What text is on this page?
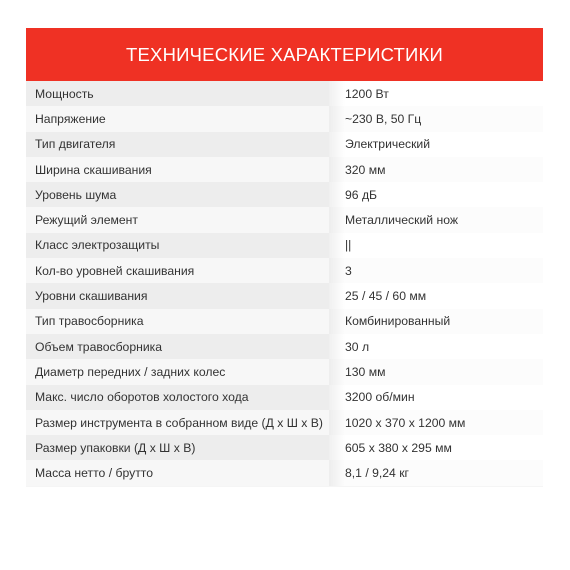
ТЕХНИЧЕСКИЕ ХАРАКТЕРИСТИКИ
Мощность	1200 Вт
Напряжение	~230 В, 50 Гц
Тип двигателя	Электрический
Ширина скашивания	320 мм
Уровень шума	96 дБ
Режущий элемент	Металлический нож
Класс электрозащиты	||
Кол-во уровней скашивания	3
Уровни скашивания	25 / 45 / 60 мм
Тип травосборника	Комбинированный
Объем травосборника	30 л
Диаметр передних / задних колес	130 мм
Макс. число оборотов холостого хода	3200 об/мин
Размер инструмента в собранном виде (Д х Ш х В)	1020 х 370 х 1200 мм
Размер упаковки (Д х Ш х В)	605 х 380 х 295 мм
Масса нетто / брутто	8,1 / 9,24 кг
